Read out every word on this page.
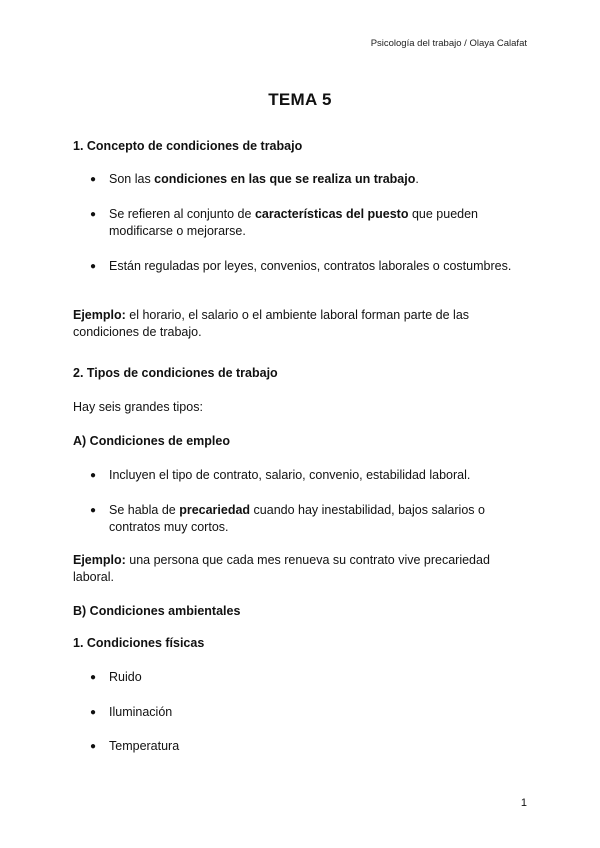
Psicología del trabajo / Olaya Calafat
TEMA 5
1. Concepto de condiciones de trabajo
● Son las condiciones en las que se realiza un trabajo.
● Se refieren al conjunto de características del puesto que pueden modificarse o mejorarse.
● Están reguladas por leyes, convenios, contratos laborales o costumbres.
Ejemplo: el horario, el salario o el ambiente laboral forman parte de las condiciones de trabajo.
2. Tipos de condiciones de trabajo
Hay seis grandes tipos:
A) Condiciones de empleo
● Incluyen el tipo de contrato, salario, convenio, estabilidad laboral.
● Se habla de precariedad cuando hay inestabilidad, bajos salarios o contratos muy cortos.
Ejemplo: una persona que cada mes renueva su contrato vive precariedad laboral.
B) Condiciones ambientales
1. Condiciones físicas
● Ruido
● Iluminación
● Temperatura
1
